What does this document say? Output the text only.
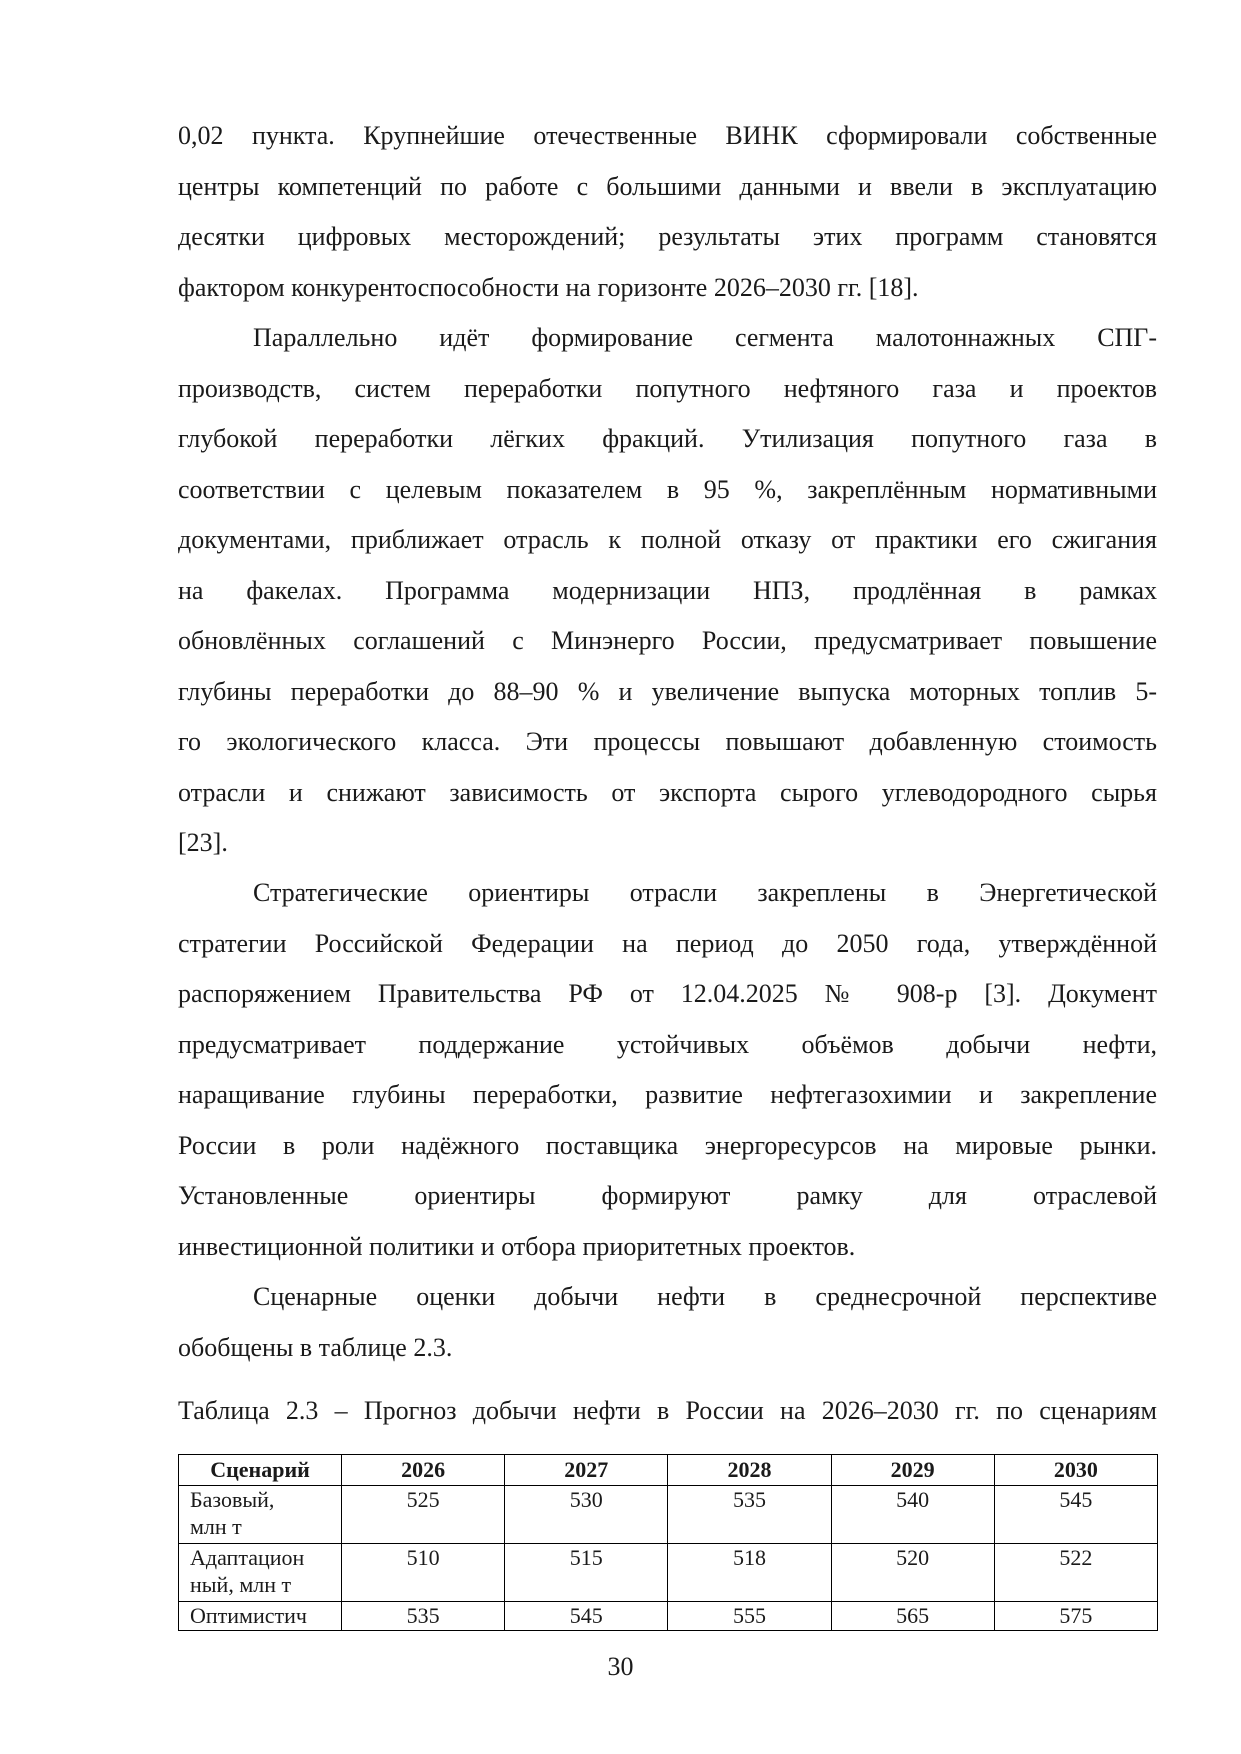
0,02 пункта. Крупнейшие отечественные ВИНК сформировали собственные
центры компетенций по работе с большими данными и ввели в эксплуатацию
десятки цифровых месторождений; результаты этих программ становятся
фактором конкурентоспособности на горизонте 2026–2030 гг. [18].
Параллельно идёт формирование сегмента малотоннажных СПГ-
производств, систем переработки попутного нефтяного газа и проектов
глубокой переработки лёгких фракций. Утилизация попутного газа в
соответствии с целевым показателем в 95 %, закреплённым нормативными
документами, приближает отрасль к полной отказу от практики его сжигания
на факелах. Программа модернизации НПЗ, продлённая в рамках
обновлённых соглашений с Минэнерго России, предусматривает повышение
глубины переработки до 88–90 % и увеличение выпуска моторных топлив 5-
го экологического класса. Эти процессы повышают добавленную стоимость
отрасли и снижают зависимость от экспорта сырого углеводородного сырья
[23].
Стратегические ориентиры отрасли закреплены в Энергетической
стратегии Российской Федерации на период до 2050 года, утверждённой
распоряжением Правительства РФ от 12.04.2025 № 908-р [3]. Документ
предусматривает поддержание устойчивых объёмов добычи нефти,
наращивание глубины переработки, развитие нефтегазохимии и закрепление
России в роли надёжного поставщика энергоресурсов на мировые рынки.
Установленные ориентиры формируют рамку для отраслевой
инвестиционной политики и отбора приоритетных проектов.
Сценарные оценки добычи нефти в среднесрочной перспективе
обобщены в таблице 2.3.
Таблица 2.3 – Прогноз добычи нефти в России на 2026–2030 гг. по сценариям
Сценарий	2026	2027	2028	2029	2030

Базовый,
млн т	525	530	535	540	545

Адаптацион
ный, млн т	510	515	518	520	522

Оптимистич	535	545	555	565	575
30
